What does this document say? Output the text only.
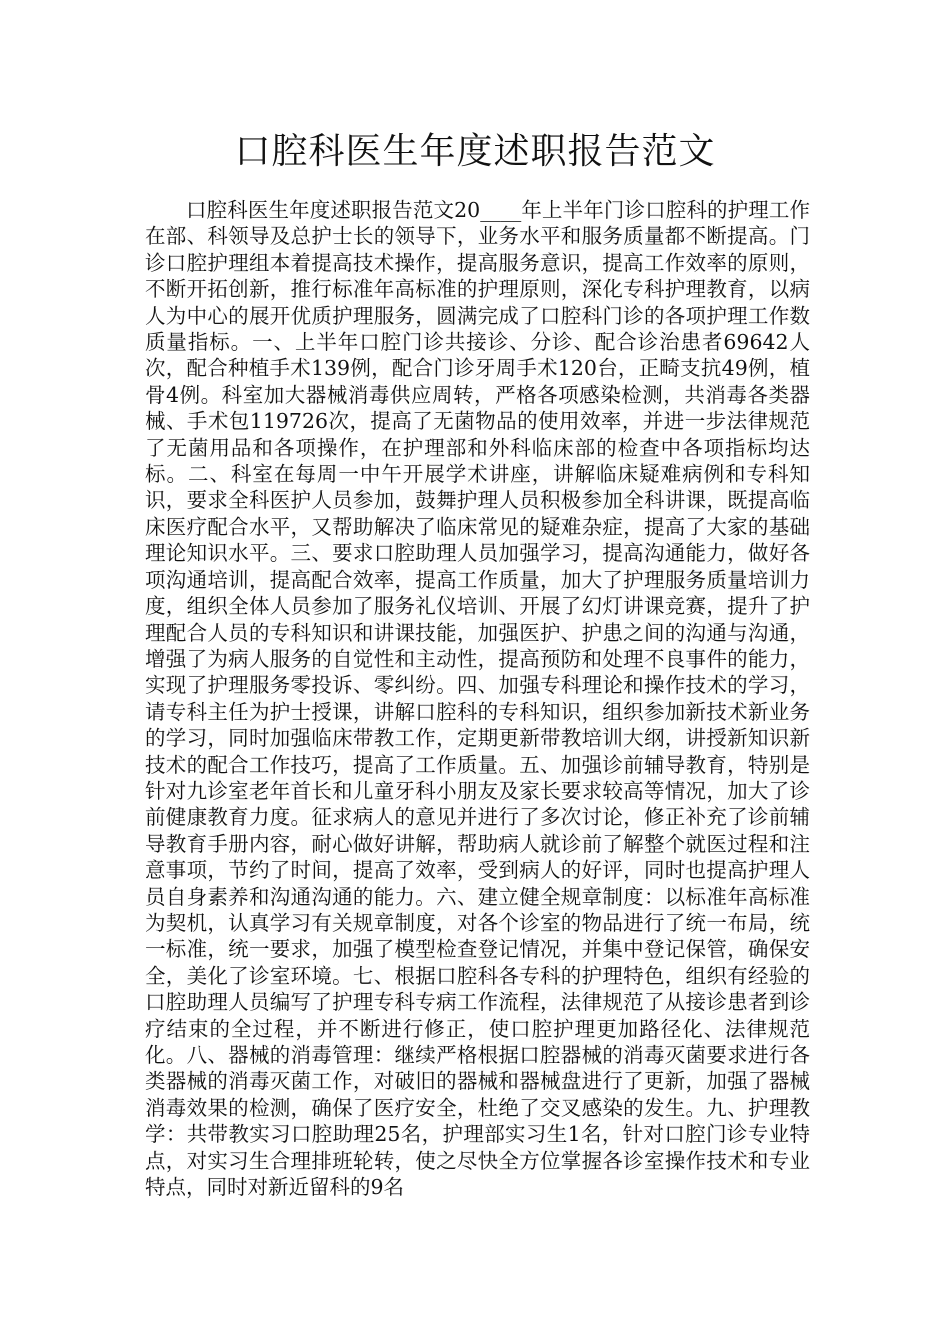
口腔科医生年度述职报告范文
口腔科医生年度述职报告范文20____年上半年门诊口腔科的护理工作在部、科领导及总护士长的领导下，业务水平和服务质量都不断提高。门诊口腔护理组本着提高技术操作，提高服务意识，提高工作效率的原则，不断开拓创新，推行标准年高标准的护理原则，深化专科护理教育，以病人为中心的展开优质护理服务，圆满完成了口腔科门诊的各项护理工作数质量指标。一、上半年口腔门诊共接诊、分诊、配合诊治患者69642人次，配合种植手术139例，配合门诊牙周手术120台，正畸支抗49例，植骨4例。科室加大器械消毒供应周转，严格各项感染检测，共消毒各类器械、手术包119726次，提高了无菌物品的使用效率，并进一步法律规范了无菌用品和各项操作，在护理部和外科临床部的检查中各项指标均达标。二、科室在每周一中午开展学术讲座，讲解临床疑难病例和专科知识，要求全科医护人员参加，鼓舞护理人员积极参加全科讲课，既提高临床医疗配合水平，又帮助解决了临床常见的疑难杂症，提高了大家的基础理论知识水平。三、要求口腔助理人员加强学习，提高沟通能力，做好各项沟通培训，提高配合效率，提高工作质量，加大了护理服务质量培训力度，组织全体人员参加了服务礼仪培训、开展了幻灯讲课竞赛，提升了护理配合人员的专科知识和讲课技能，加强医护、护患之间的沟通与沟通，增强了为病人服务的自觉性和主动性，提高预防和处理不良事件的能力，实现了护理服务零投诉、零纠纷。四、加强专科理论和操作技术的学习，请专科主任为护士授课，讲解口腔科的专科知识，组织参加新技术新业务的学习，同时加强临床带教工作，定期更新带教培训大纲，讲授新知识新技术的配合工作技巧，提高了工作质量。五、加强诊前辅导教育，特别是针对九诊室老年首长和儿童牙科小朋友及家长要求较高等情况，加大了诊前健康教育力度。征求病人的意见并进行了多次讨论，修正补充了诊前辅导教育手册内容，耐心做好讲解，帮助病人就诊前了解整个就医过程和注意事项，节约了时间，提高了效率，受到病人的好评，同时也提高护理人员自身素养和沟通沟通的能力。六、建立健全规章制度：以标准年高标准为契机，认真学习有关规章制度，对各个诊室的物品进行了统一布局，统一标准，统一要求，加强了模型检查登记情况，并集中登记保管，确保安全，美化了诊室环境。七、根据口腔科各专科的护理特色，组织有经验的口腔助理人员编写了护理专科专病工作流程，法律规范了从接诊患者到诊疗结束的全过程，并不断进行修正，使口腔护理更加路径化、法律规范化。八、器械的消毒管理：继续严格根据口腔器械的消毒灭菌要求进行各类器械的消毒灭菌工作，对破旧的器械和器械盘进行了更新，加强了器械消毒效果的检测，确保了医疗安全，杜绝了交叉感染的发生。九、护理教学：共带教实习口腔助理25名，护理部实习生1名，针对口腔门诊专业特点，对实习生合理排班轮转，使之尽快全方位掌握各诊室操作技术和专业特点，同时对新近留科的9名
